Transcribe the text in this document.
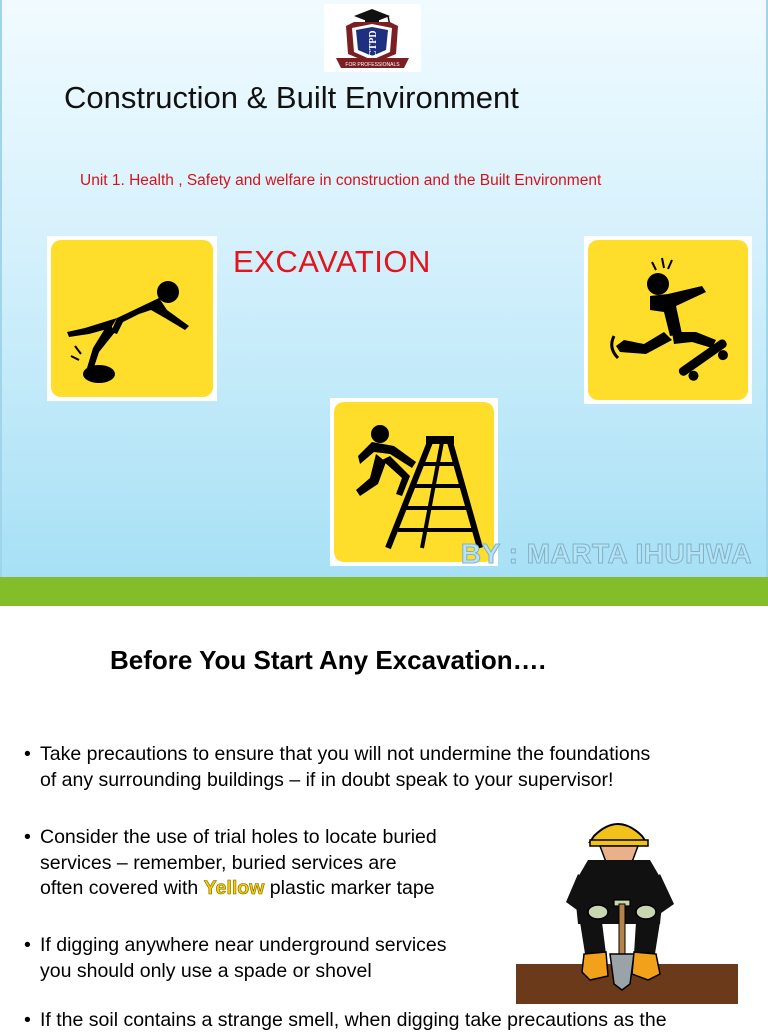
CTPD
FOR PROFESSIONALS
Construction & Built Environment
Unit 1. Health , Safety and welfare in construction and the Built Environment
EXCAVATION
BY : MARTA IHUHWA
Before You Start Any Excavation….
• Take precautions to ensure that you will not undermine the foundations
of any surrounding buildings – if in doubt speak to your supervisor!
• Consider the use of trial holes to locate buried
services – remember, buried services are
often covered with Yellow plastic marker tape
• If digging anywhere near underground services
you should only use a spade or shovel
• If the soil contains a strange smell, when digging take precautions as the
